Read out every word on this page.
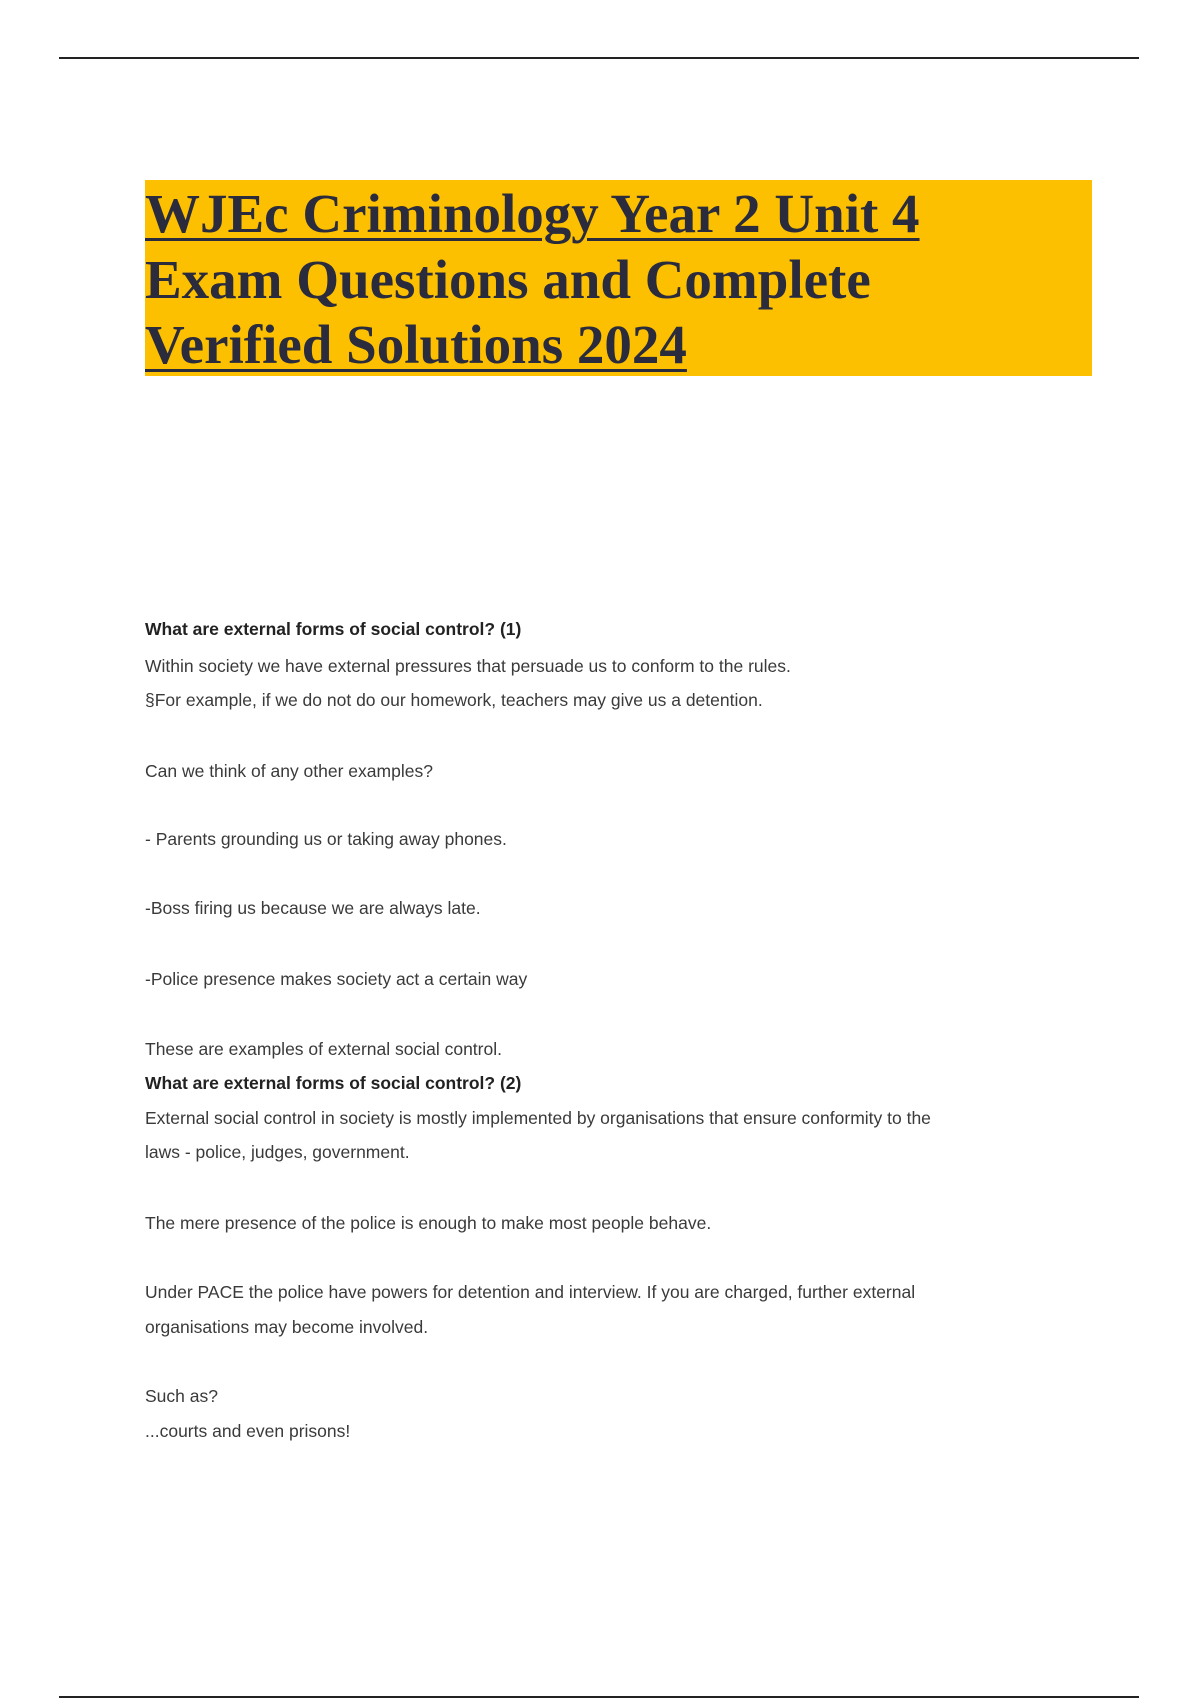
WJEc Criminology Year 2 Unit 4
Exam Questions and Complete
Verified Solutions 2024
What are external forms of social control? (1)
Within society we have external pressures that persuade us to conform to the rules.
§For example, if we do not do our homework, teachers may give us a detention.
Can we think of any other examples?
- Parents grounding us or taking away phones.
-Boss firing us because we are always late.
-Police presence makes society act a certain way
These are examples of external social control.
What are external forms of social control? (2)
External social control in society is mostly implemented by organisations that ensure conformity to the
laws - police, judges, government.
The mere presence of the police is enough to make most people behave.
Under PACE the police have powers for detention and interview. If you are charged, further external
organisations may become involved.
Such as?
...courts and even prisons!
